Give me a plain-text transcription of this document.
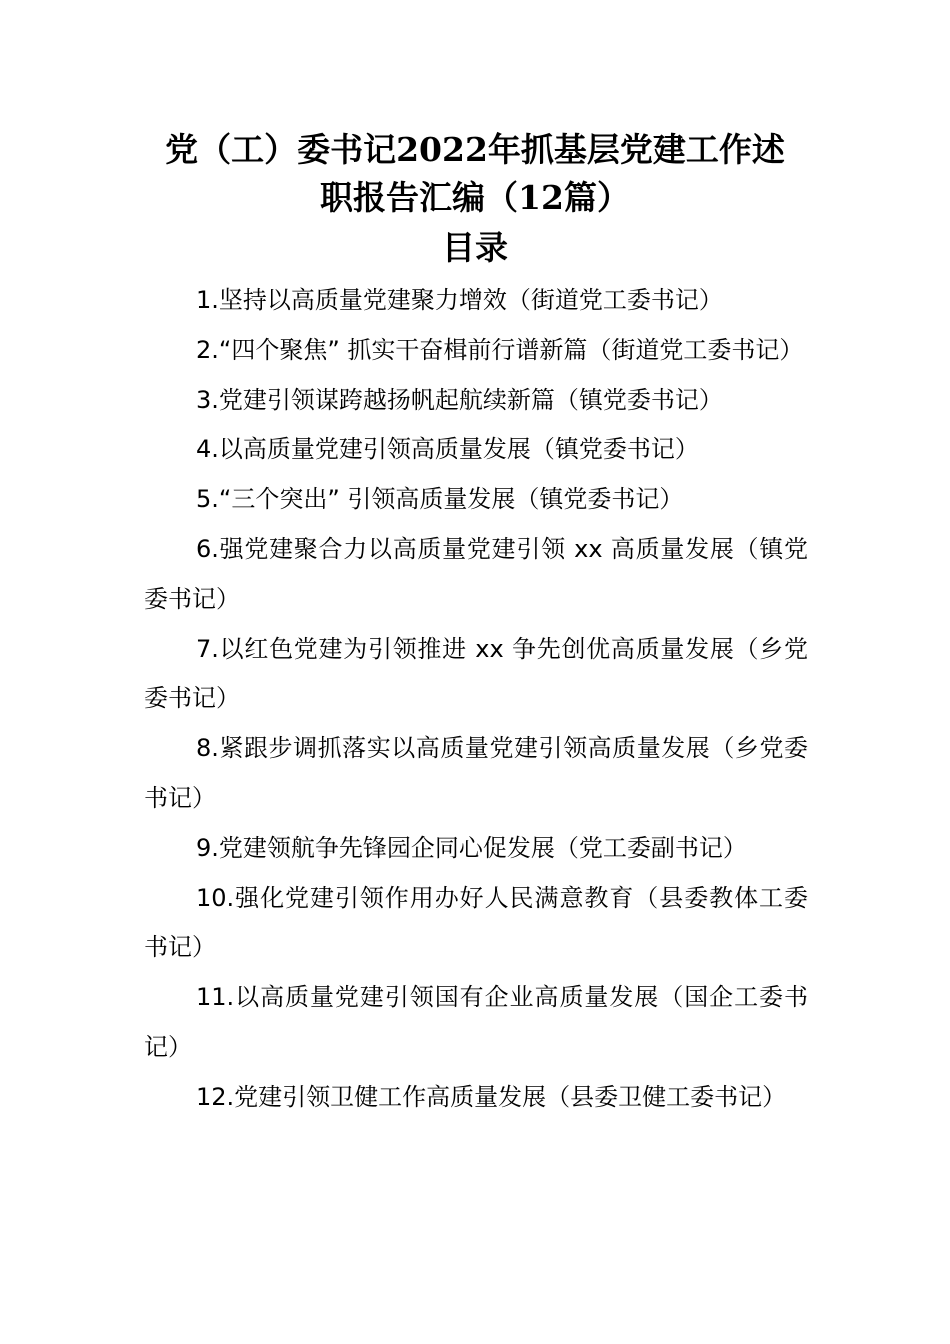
党（工）委书记2022年抓基层党建工作述
职报告汇编（12篇）
目录
1.坚持以高质量党建聚力增效（街道党工委书记）
2.“四个聚焦” 抓实干奋楫前行谱新篇（街道党工委书记）
3.党建引领谋跨越扬帆起航续新篇（镇党委书记）
4.以高质量党建引领高质量发展（镇党委书记）
5.“三个突出” 引领高质量发展（镇党委书记）
6.强党建聚合力以高质量党建引领 xx 高质量发展（镇党委书记）
7.以红色党建为引领推进 xx 争先创优高质量发展（乡党委书记）
8.紧跟步调抓落实以高质量党建引领高质量发展（乡党委书记）
9.党建领航争先锋园企同心促发展（党工委副书记）
10.强化党建引领作用办好人民满意教育（县委教体工委书记）
11.以高质量党建引领国有企业高质量发展（国企工委书记）
12.党建引领卫健工作高质量发展（县委卫健工委书记）
